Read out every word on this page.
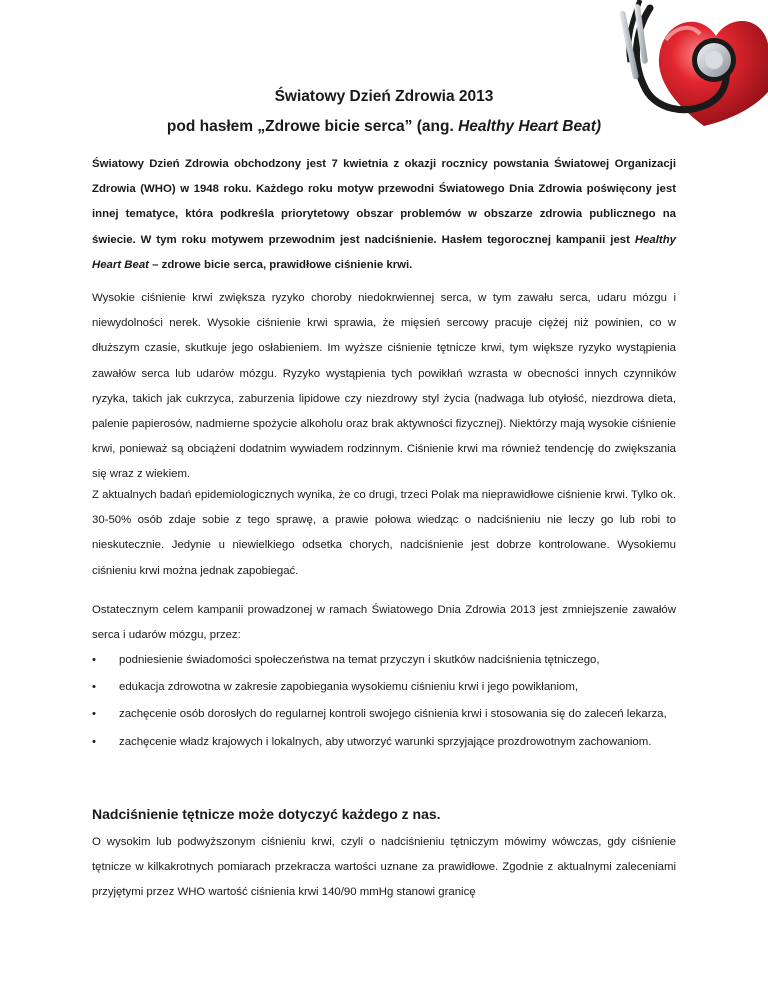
Światowy Dzień Zdrowia 2013
pod hasłem „Zdrowe bicie serca” (ang. Healthy Heart Beat)

Światowy Dzień Zdrowia obchodzony jest 7 kwietnia z okazji rocznicy powstania Światowej Organizacji Zdrowia (WHO) w 1948 roku. Każdego roku motyw przewodni Światowego Dnia Zdrowia poświęcony jest innej tematyce, która podkreśla priorytetowy obszar problemów w obszarze zdrowia publicznego na świecie. W tym roku motywem przewodnim jest nadciśnienie. Hasłem tegorocznej kampanii jest Healthy Heart Beat – zdrowe bicie serca, prawidłowe ciśnienie krwi.

Wysokie ciśnienie krwi zwiększa ryzyko choroby niedokrwiennej serca, w tym zawału serca, udaru mózgu i niewydolności nerek. Wysokie ciśnienie krwi sprawia, że mięsień sercowy pracuje ciężej niż powinien, co w dłuższym czasie, skutkuje jego osłabieniem. Im wyższe ciśnienie tętnicze krwi, tym większe ryzyko wystąpienia zawałów serca lub udarów mózgu. Ryzyko wystąpienia tych powikłań wzrasta w obecności innych czynników ryzyka, takich jak cukrzyca, zaburzenia lipidowe czy niezdrowy styl życia (nadwaga lub otyłość, niezdrowa dieta, palenie papierosów, nadmierne spożycie alkoholu oraz brak aktywności fizycznej). Niektórzy mają wysokie ciśnienie krwi, ponieważ są obciążeni dodatnim wywiadem rodzinnym. Ciśnienie krwi ma również tendencję do zwiększania się wraz z wiekiem.

Z aktualnych badań epidemiologicznych wynika, że co drugi, trzeci Polak ma nieprawidłowe ciśnienie krwi. Tylko ok. 30-50% osób zdaje sobie z tego sprawę, a prawie połowa wiedząc o nadciśnieniu nie leczy go lub robi to nieskutecznie. Jedynie u niewielkiego odsetka chorych, nadciśnienie jest dobrze kontrolowane. Wysokiemu ciśnieniu krwi można jednak zapobiegać.

Ostatecznym celem kampanii prowadzonej w ramach Światowego Dnia Zdrowia 2013 jest zmniejszenie zawałów serca i udarów mózgu, przez:

• podniesienie świadomości społeczeństwa na temat przyczyn i skutków nadciśnienia tętniczego,
• edukacja zdrowotna w zakresie zapobiegania wysokiemu ciśnieniu krwi i jego powikłaniom,
• zachęcenie osób dorosłych do regularnej kontroli swojego ciśnienia krwi i stosowania się do zaleceń lekarza,
• zachęcenie władz krajowych i lokalnych, aby utworzyć warunki sprzyjające prozdrowotnym zachowaniom.
Nadciśnienie tętnicze może dotyczyć każdego z nas.

O wysokim lub podwyższonym ciśnieniu krwi, czyli o nadciśnieniu tętniczym mówimy wówczas, gdy ciśnienie tętnicze w kilkakrotnych pomiarach przekracza wartości uznane za prawidłowe. Zgodnie z aktualnymi zaleceniami przyjętymi przez WHO wartość ciśnienia krwi 140/90 mmHg stanowi granicę
